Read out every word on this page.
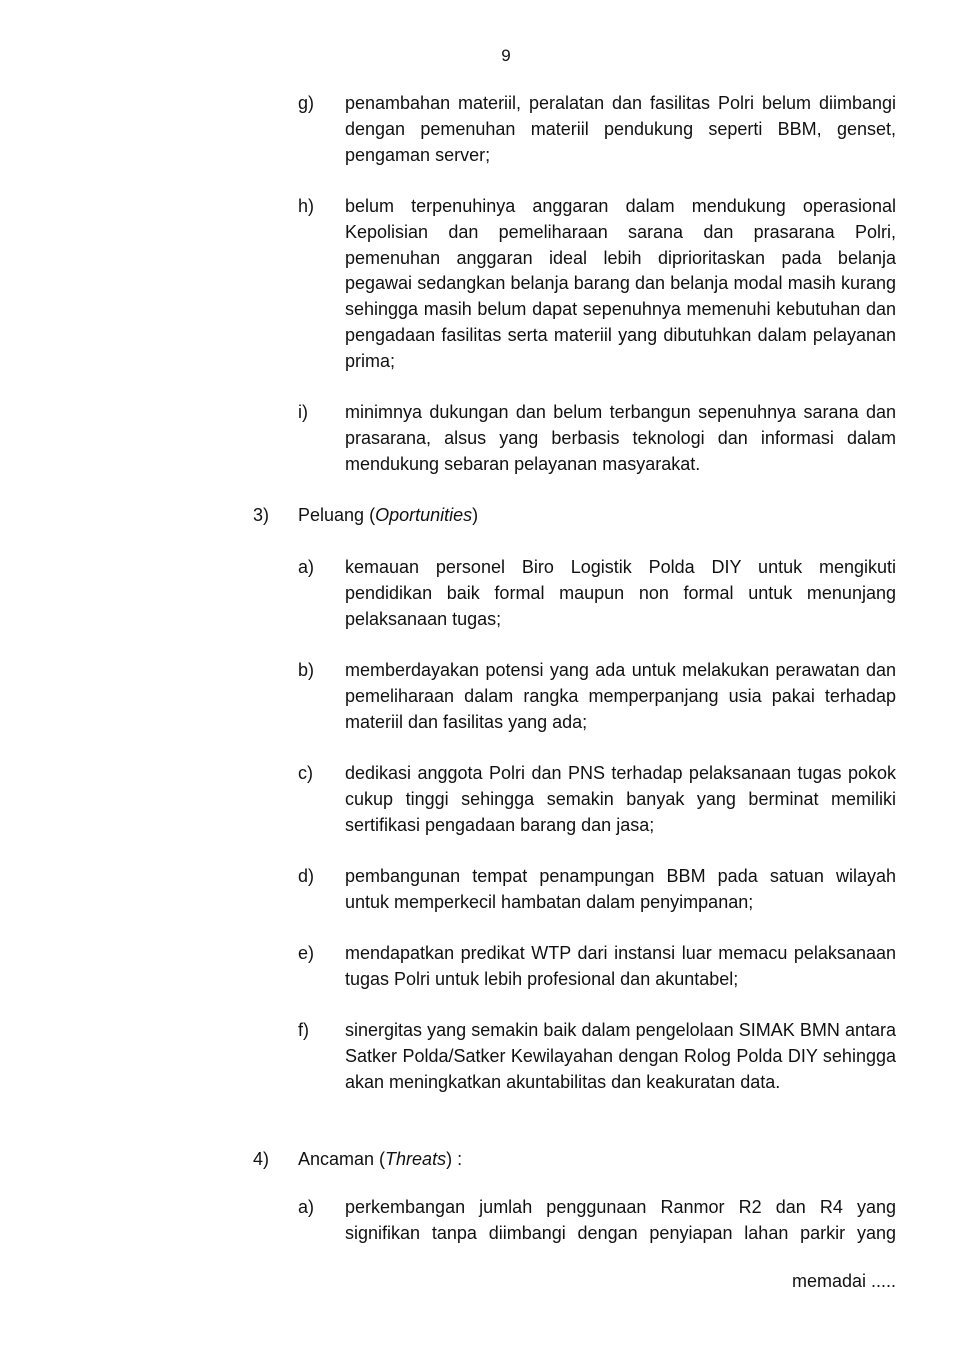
9
g) penambahan materiil, peralatan dan fasilitas Polri belum diimbangi dengan pemenuhan materiil pendukung seperti BBM, genset, pengaman server;
h) belum terpenuhinya anggaran dalam mendukung operasional Kepolisian dan pemeliharaan sarana dan prasarana Polri, pemenuhan anggaran ideal lebih diprioritaskan pada belanja pegawai sedangkan belanja barang dan belanja modal masih kurang sehingga masih belum dapat sepenuhnya memenuhi kebutuhan dan pengadaan fasilitas serta materiil yang dibutuhkan dalam pelayanan prima;
i) minimnya dukungan dan belum terbangun sepenuhnya sarana dan prasarana, alsus yang berbasis teknologi dan informasi dalam mendukung sebaran pelayanan masyarakat.
3) Peluang (Oportunities)
a) kemauan personel Biro Logistik Polda DIY untuk mengikuti pendidikan baik formal maupun non formal untuk menunjang pelaksanaan tugas;
b) memberdayakan potensi yang ada untuk melakukan perawatan dan pemeliharaan dalam rangka memperpanjang usia pakai terhadap materiil dan fasilitas yang ada;
c) dedikasi anggota Polri dan PNS terhadap pelaksanaan tugas pokok cukup tinggi sehingga semakin banyak yang berminat memiliki sertifikasi pengadaan barang dan jasa;
d) pembangunan tempat penampungan BBM pada satuan wilayah untuk memperkecil hambatan dalam penyimpanan;
e) mendapatkan predikat WTP dari instansi luar memacu pelaksanaan tugas Polri untuk lebih profesional dan akuntabel;
f) sinergitas yang semakin baik dalam pengelolaan SIMAK BMN antara Satker Polda/Satker Kewilayahan dengan Rolog Polda DIY sehingga akan meningkatkan akuntabilitas dan keakuratan data.
4) Ancaman (Threats) :
a) perkembangan jumlah penggunaan Ranmor R2 dan R4 yang signifikan tanpa diimbangi dengan penyiapan lahan parkir yang
memadai .....
